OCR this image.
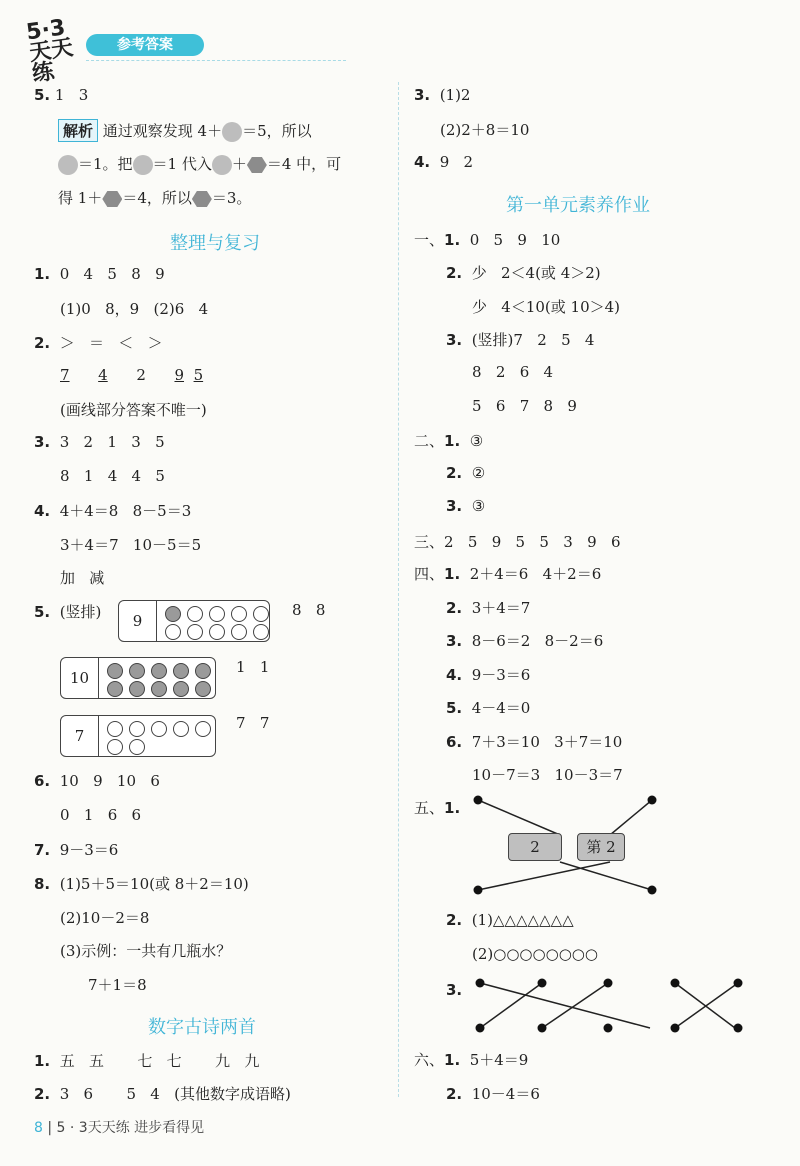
5·3天天练
参考答案
5. 1   3
解析 通过观察发现 4＋ ＝5，所以
＝1。把 ＝1 代入 ＋ ＝4 中，可
得 1＋ ＝4，所以 ＝3。
整理与复习
1. 0   4   5   8   9
(1)0   8，9   (2)6   4
2. ＞   ＝   ＜   ＞
7 4 2 9 5
(画线部分答案不唯一)
3. 3   2   1   3   5
8   1   4   4   5
4. 4＋4＝8   8－5＝3
3＋4＝7   10－5＝5
加   减
5. (竖排)	9
8   8
10
1   1
7
7   7
6. 10   9   10   6
0   1   6   6
7. 9－3＝6
8. (1)5＋5＝10(或 8＋2＝10)
(2)10－2＝8
(3)示例：一共有几瓶水？
7＋1＝8
数字古诗两首
1. 五   五       七   七       九   九
2. 3   6       5   4   (其他数字成语略)
3. (1)2
(2)2＋8＝10
4. 9   2
第一单元素养作业
一、1. 0   5   9   10
2. 少   2＜4(或 4＞2)
少   4＜10(或 10＞4)
3. (竖排)7   2   5   4
8   2   6   4
5   6   7   8   9
二、1. ③
2. ②
3. ③
三、2   5   9   5   5   3   9   6
四、1. 2＋4＝6   4＋2＝6
2. 3＋4＝7
3. 8－6＝2   8－2＝6
4. 9－3＝6
5. 4－4＝0
6. 7＋3＝10   3＋7＝10
10－7＝3   10－3＝7
五、1.
2	第 2
2. (1)△△△△△△△
(2)○○○○○○○○
3.
六、1. 5＋4＝9
2. 10－4＝6
8 | 5 · 3天天练 进步看得见
